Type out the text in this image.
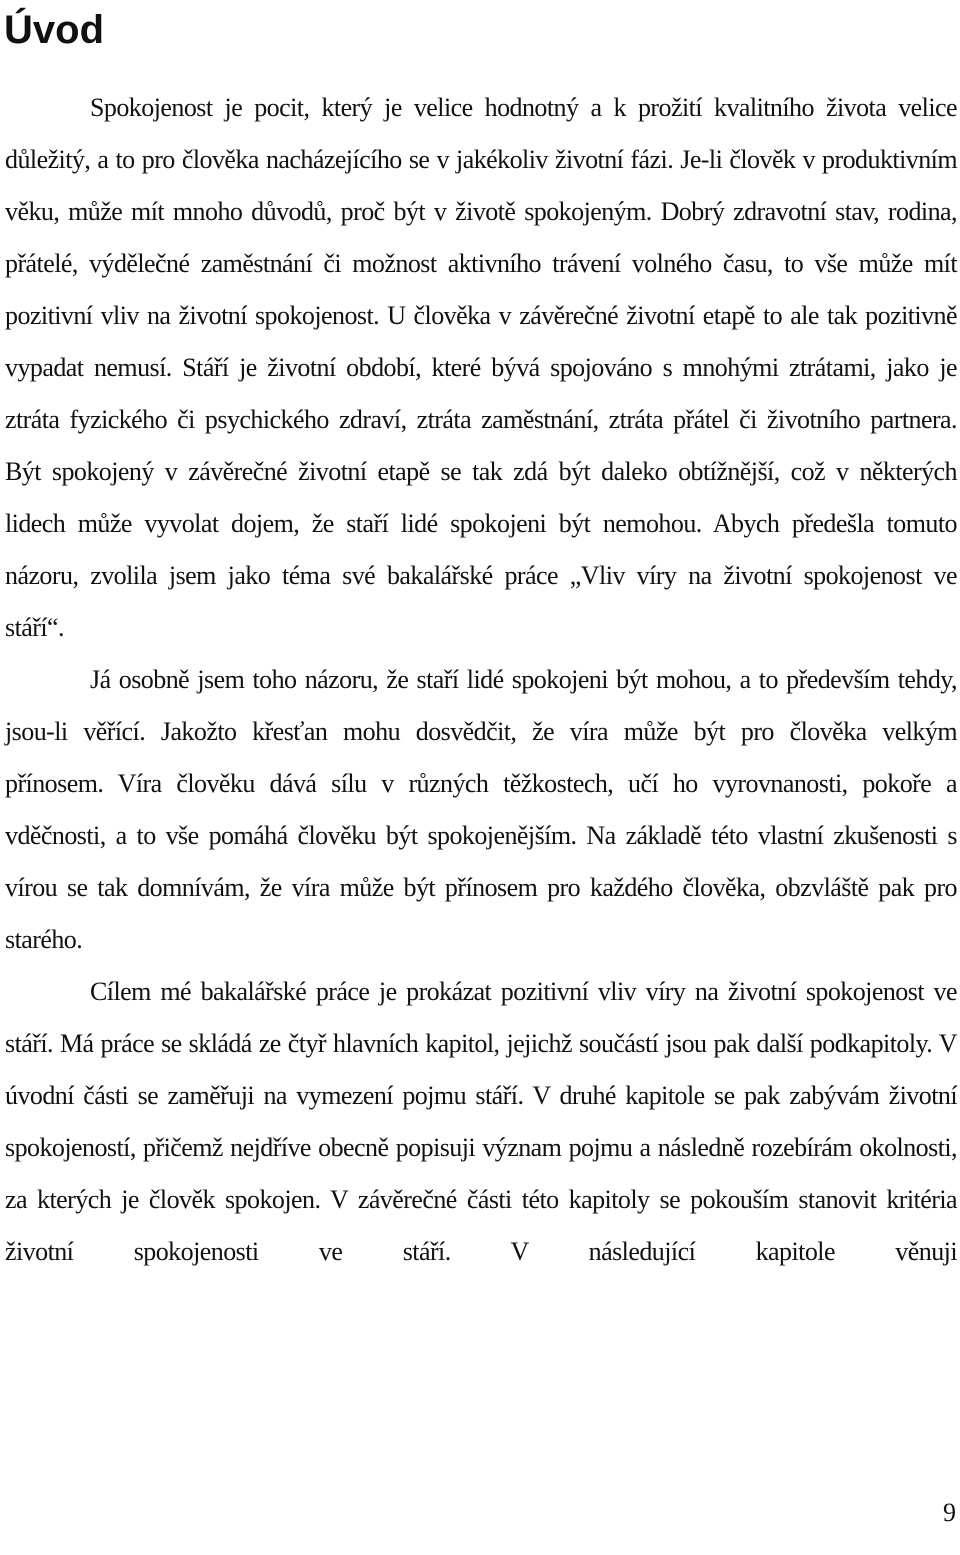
Úvod

Spokojenost je pocit, který je velice hodnotný a k prožití kvalitního života velice důležitý, a to pro člověka nacházejícího se v jakékoliv životní fázi. Je-li člověk v produktivním věku, může mít mnoho důvodů, proč být v životě spokojeným. Dobrý zdravotní stav, rodina, přátelé, výdělečné zaměstnání či možnost aktivního trávení volného času, to vše může mít pozitivní vliv na životní spokojenost. U člověka v závěrečné životní etapě to ale tak pozitivně vypadat nemusí. Stáří je životní období, které bývá spojováno s mnohými ztrátami, jako je ztráta fyzického či psychického zdraví, ztráta zaměstnání, ztráta přátel či životního partnera. Být spokojený v závěrečné životní etapě se tak zdá být daleko obtížnější, což v některých lidech může vyvolat dojem, že staří lidé spokojeni být nemohou. Abych předešla tomuto názoru, zvolila jsem jako téma své bakalářské práce „Vliv víry na životní spokojenost ve stáří“.

Já osobně jsem toho názoru, že staří lidé spokojeni být mohou, a to především tehdy, jsou-li věřící. Jakožto křesťan mohu dosvědčit, že víra může být pro člověka velkým přínosem. Víra člověku dává sílu v různých těžkostech, učí ho vyrovnanosti, pokoře a vděčnosti, a to vše pomáhá člověku být spokojenějším. Na základě této vlastní zkušenosti s vírou se tak domnívám, že víra může být přínosem pro každého člověka, obzvláště pak pro starého.

Cílem mé bakalářské práce je prokázat pozitivní vliv víry na životní spokojenost ve stáří. Má práce se skládá ze čtyř hlavních kapitol, jejichž součástí jsou pak další podkapitoly. V úvodní části se zaměřuji na vymezení pojmu stáří. V druhé kapitole se pak zabývám životní spokojeností, přičemž nejdříve obecně popisuji význam pojmu a následně rozebírám okolnosti, za kterých je člověk spokojen. V závěrečné části této kapitoly se pokouším stanovit kritéria životní spokojenosti ve stáří. V následující kapitole věnuji

9
